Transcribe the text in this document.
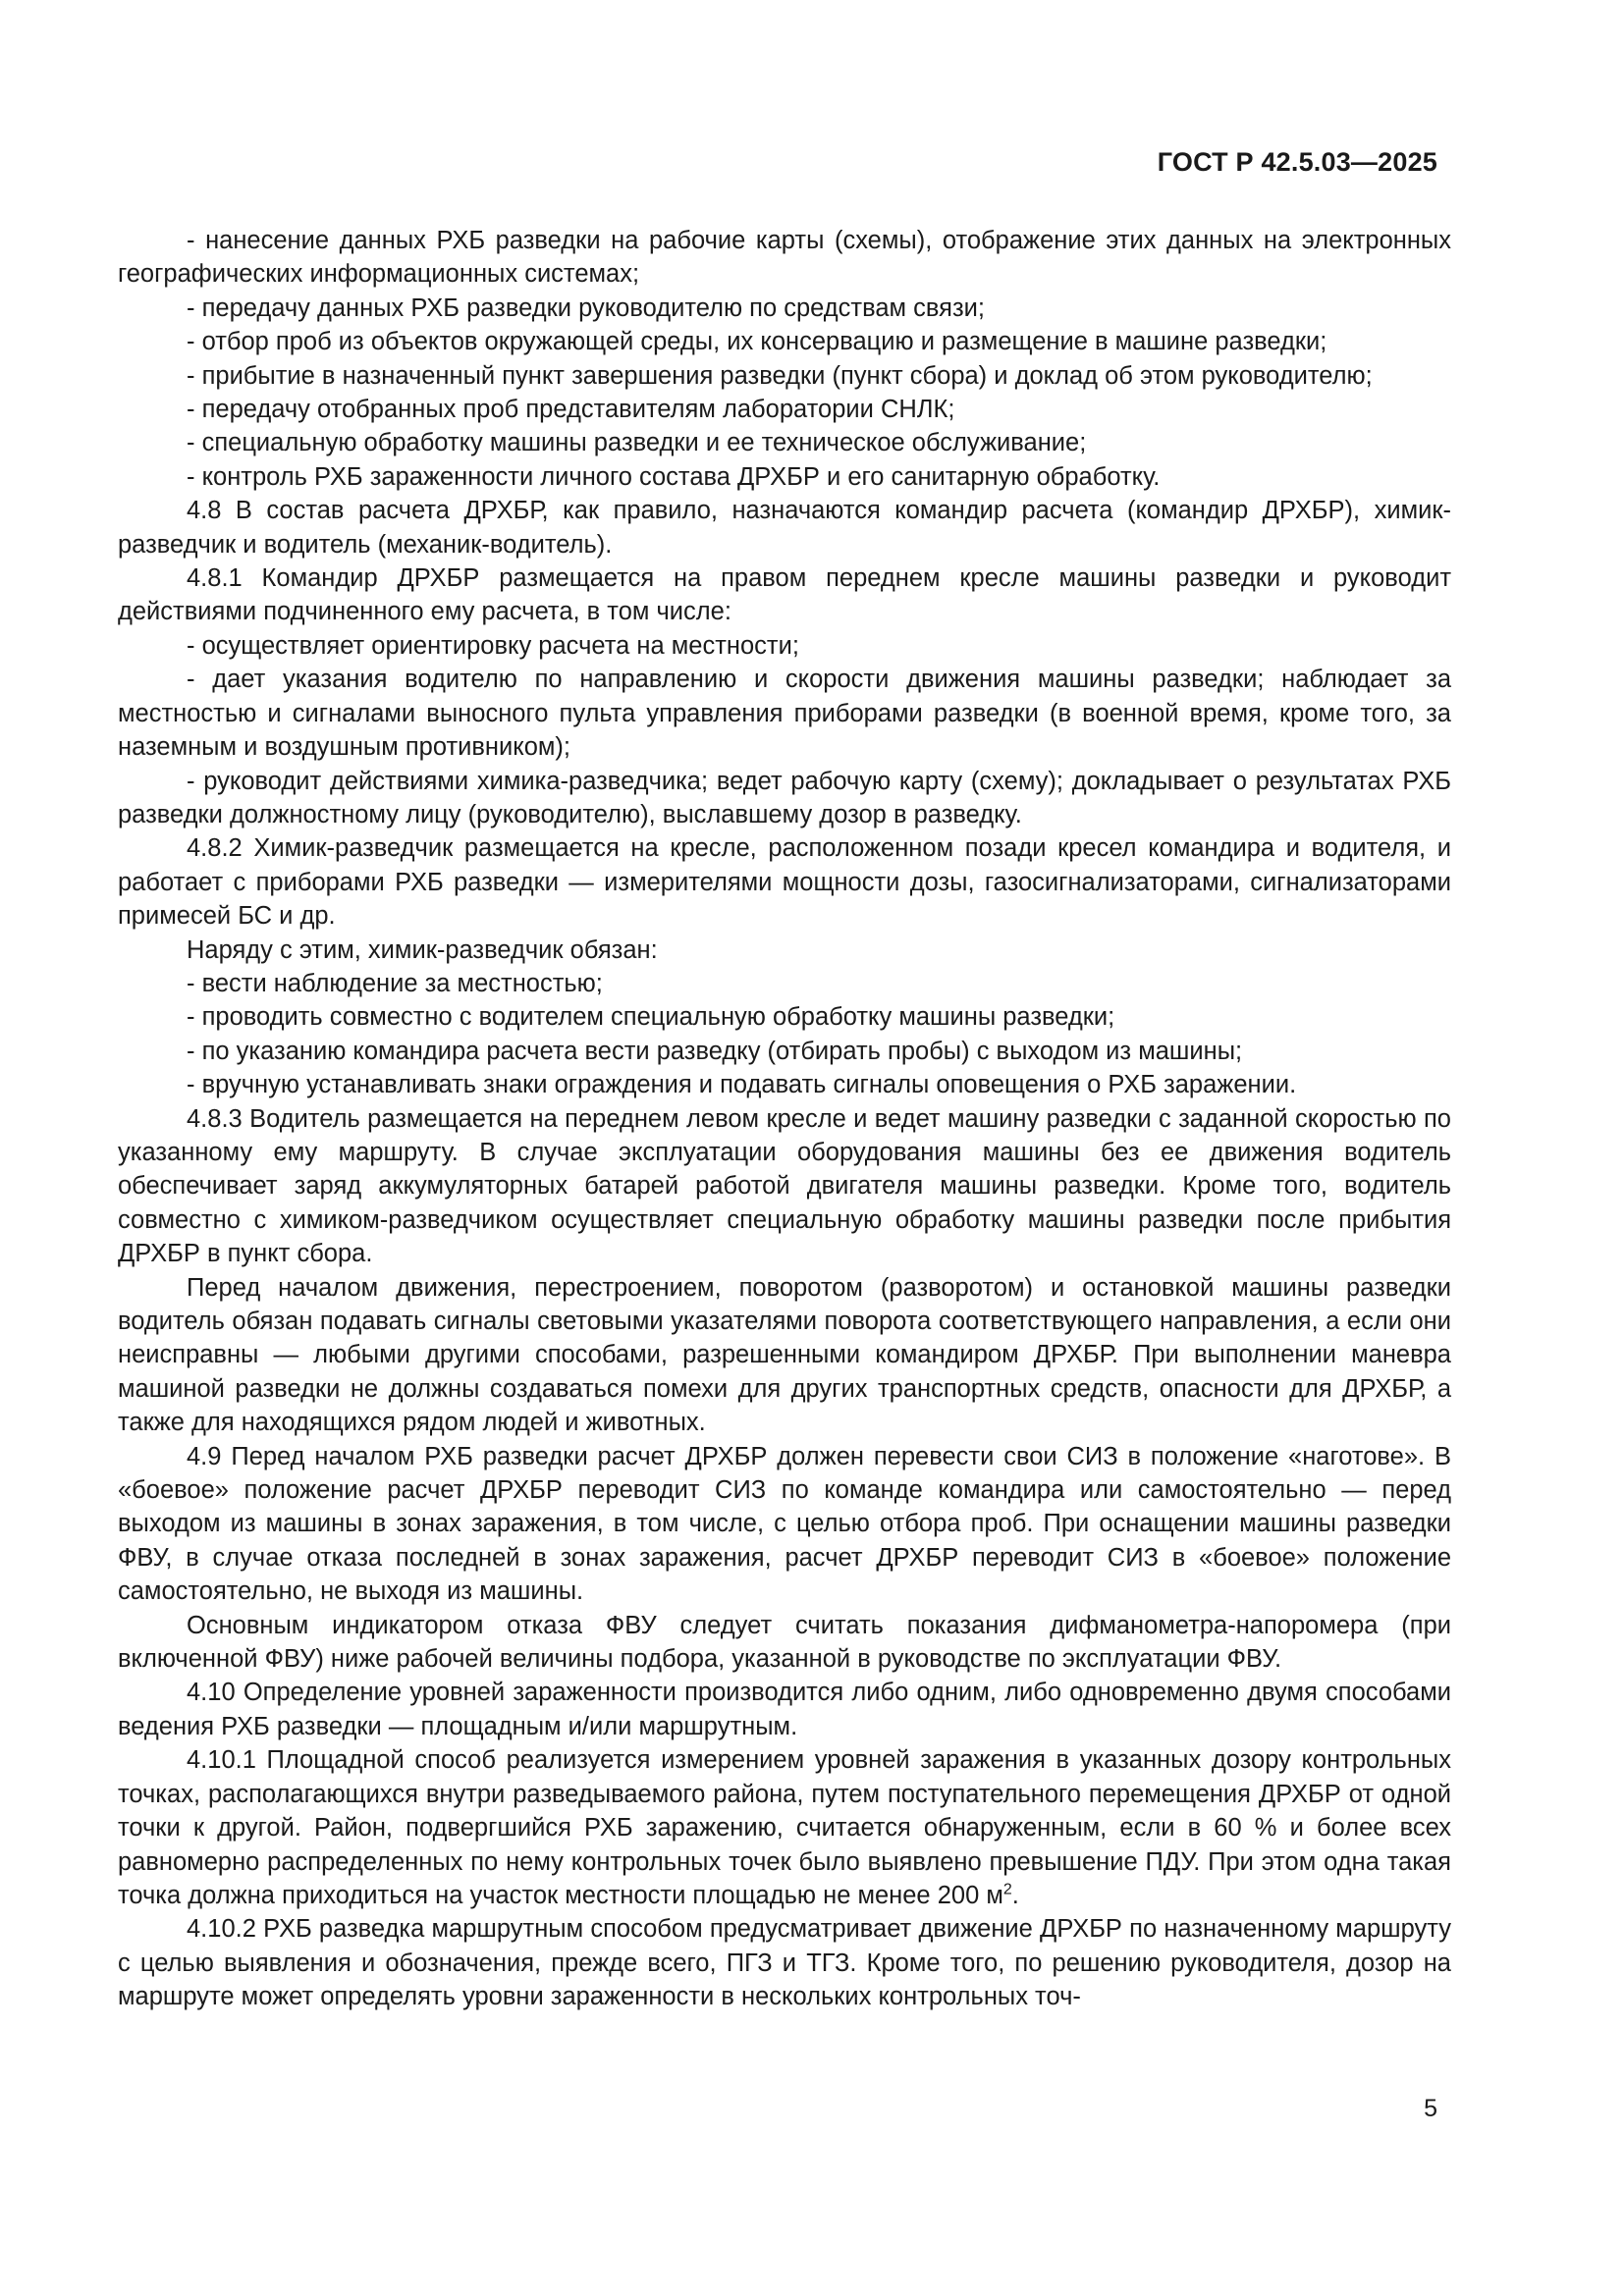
ГОСТ Р 42.5.03—2025

- нанесение данных РХБ разведки на рабочие карты (схемы), отображение этих данных на электронных географических информационных системах;

- передачу данных РХБ разведки руководителю по средствам связи;

- отбор проб из объектов окружающей среды, их консервацию и размещение в машине разведки;

- прибытие в назначенный пункт завершения разведки (пункт сбора) и доклад об этом руководителю;

- передачу отобранных проб представителям лаборатории СНЛК;

- специальную обработку машины разведки и ее техническое обслуживание;

- контроль РХБ зараженности личного состава ДРХБР и его санитарную обработку.

4.8 В состав расчета ДРХБР, как правило, назначаются командир расчета (командир ДРХБР), химик-разведчик и водитель (механик-водитель).

4.8.1 Командир ДРХБР размещается на правом переднем кресле машины разведки и руководит действиями подчиненного ему расчета, в том числе:

- осуществляет ориентировку расчета на местности;

- дает указания водителю по направлению и скорости движения машины разведки; наблюдает за местностью и сигналами выносного пульта управления приборами разведки (в военной время, кроме того, за наземным и воздушным противником);

- руководит действиями химика-разведчика; ведет рабочую карту (схему); докладывает о результатах РХБ разведки должностному лицу (руководителю), выславшему дозор в разведку.

4.8.2 Химик-разведчик размещается на кресле, расположенном позади кресел командира и водителя, и работает с приборами РХБ разведки — измерителями мощности дозы, газосигнализаторами, сигнализаторами примесей БС и др.

Наряду с этим, химик-разведчик обязан:

- вести наблюдение за местностью;

- проводить совместно с водителем специальную обработку машины разведки;

- по указанию командира расчета вести разведку (отбирать пробы) с выходом из машины;

- вручную устанавливать знаки ограждения и подавать сигналы оповещения о РХБ заражении.

4.8.3 Водитель размещается на переднем левом кресле и ведет машину разведки с заданной скоростью по указанному ему маршруту. В случае эксплуатации оборудования машины без ее движения водитель обеспечивает заряд аккумуляторных батарей работой двигателя машины разведки. Кроме того, водитель совместно с химиком-разведчиком осуществляет специальную обработку машины разведки после прибытия ДРХБР в пункт сбора.

Перед началом движения, перестроением, поворотом (разворотом) и остановкой машины разведки водитель обязан подавать сигналы световыми указателями поворота соответствующего направления, а если они неисправны — любыми другими способами, разрешенными командиром ДРХБР. При выполнении маневра машиной разведки не должны создаваться помехи для других транспортных средств, опасности для ДРХБР, а также для находящихся рядом людей и животных.

4.9 Перед началом РХБ разведки расчет ДРХБР должен перевести свои СИЗ в положение «наготове». В «боевое» положение расчет ДРХБР переводит СИЗ по команде командира или самостоятельно — перед выходом из машины в зонах заражения, в том числе, с целью отбора проб. При оснащении машины разведки ФВУ, в случае отказа последней в зонах заражения, расчет ДРХБР переводит СИЗ в «боевое» положение самостоятельно, не выходя из машины.

Основным индикатором отказа ФВУ следует считать показания дифманометра-напоромера (при включенной ФВУ) ниже рабочей величины подбора, указанной в руководстве по эксплуатации ФВУ.

4.10 Определение уровней зараженности производится либо одним, либо одновременно двумя способами ведения РХБ разведки — площадным и/или маршрутным.

4.10.1 Площадной способ реализуется измерением уровней заражения в указанных дозору контрольных точках, располагающихся внутри разведываемого района, путем поступательного перемещения ДРХБР от одной точки к другой. Район, подвергшийся РХБ заражению, считается обнаруженным, если в 60 % и более всех равномерно распределенных по нему контрольных точек было выявлено превышение ПДУ. При этом одна такая точка должна приходиться на участок местности площадью не менее 200 $м^2$.

4.10.2 РХБ разведка маршрутным способом предусматривает движение ДРХБР по назначенному маршруту с целью выявления и обозначения, прежде всего, ПГЗ и ТГЗ. Кроме того, по решению руководителя, дозор на маршруте может определять уровни зараженности в нескольких контрольных точ-

5
